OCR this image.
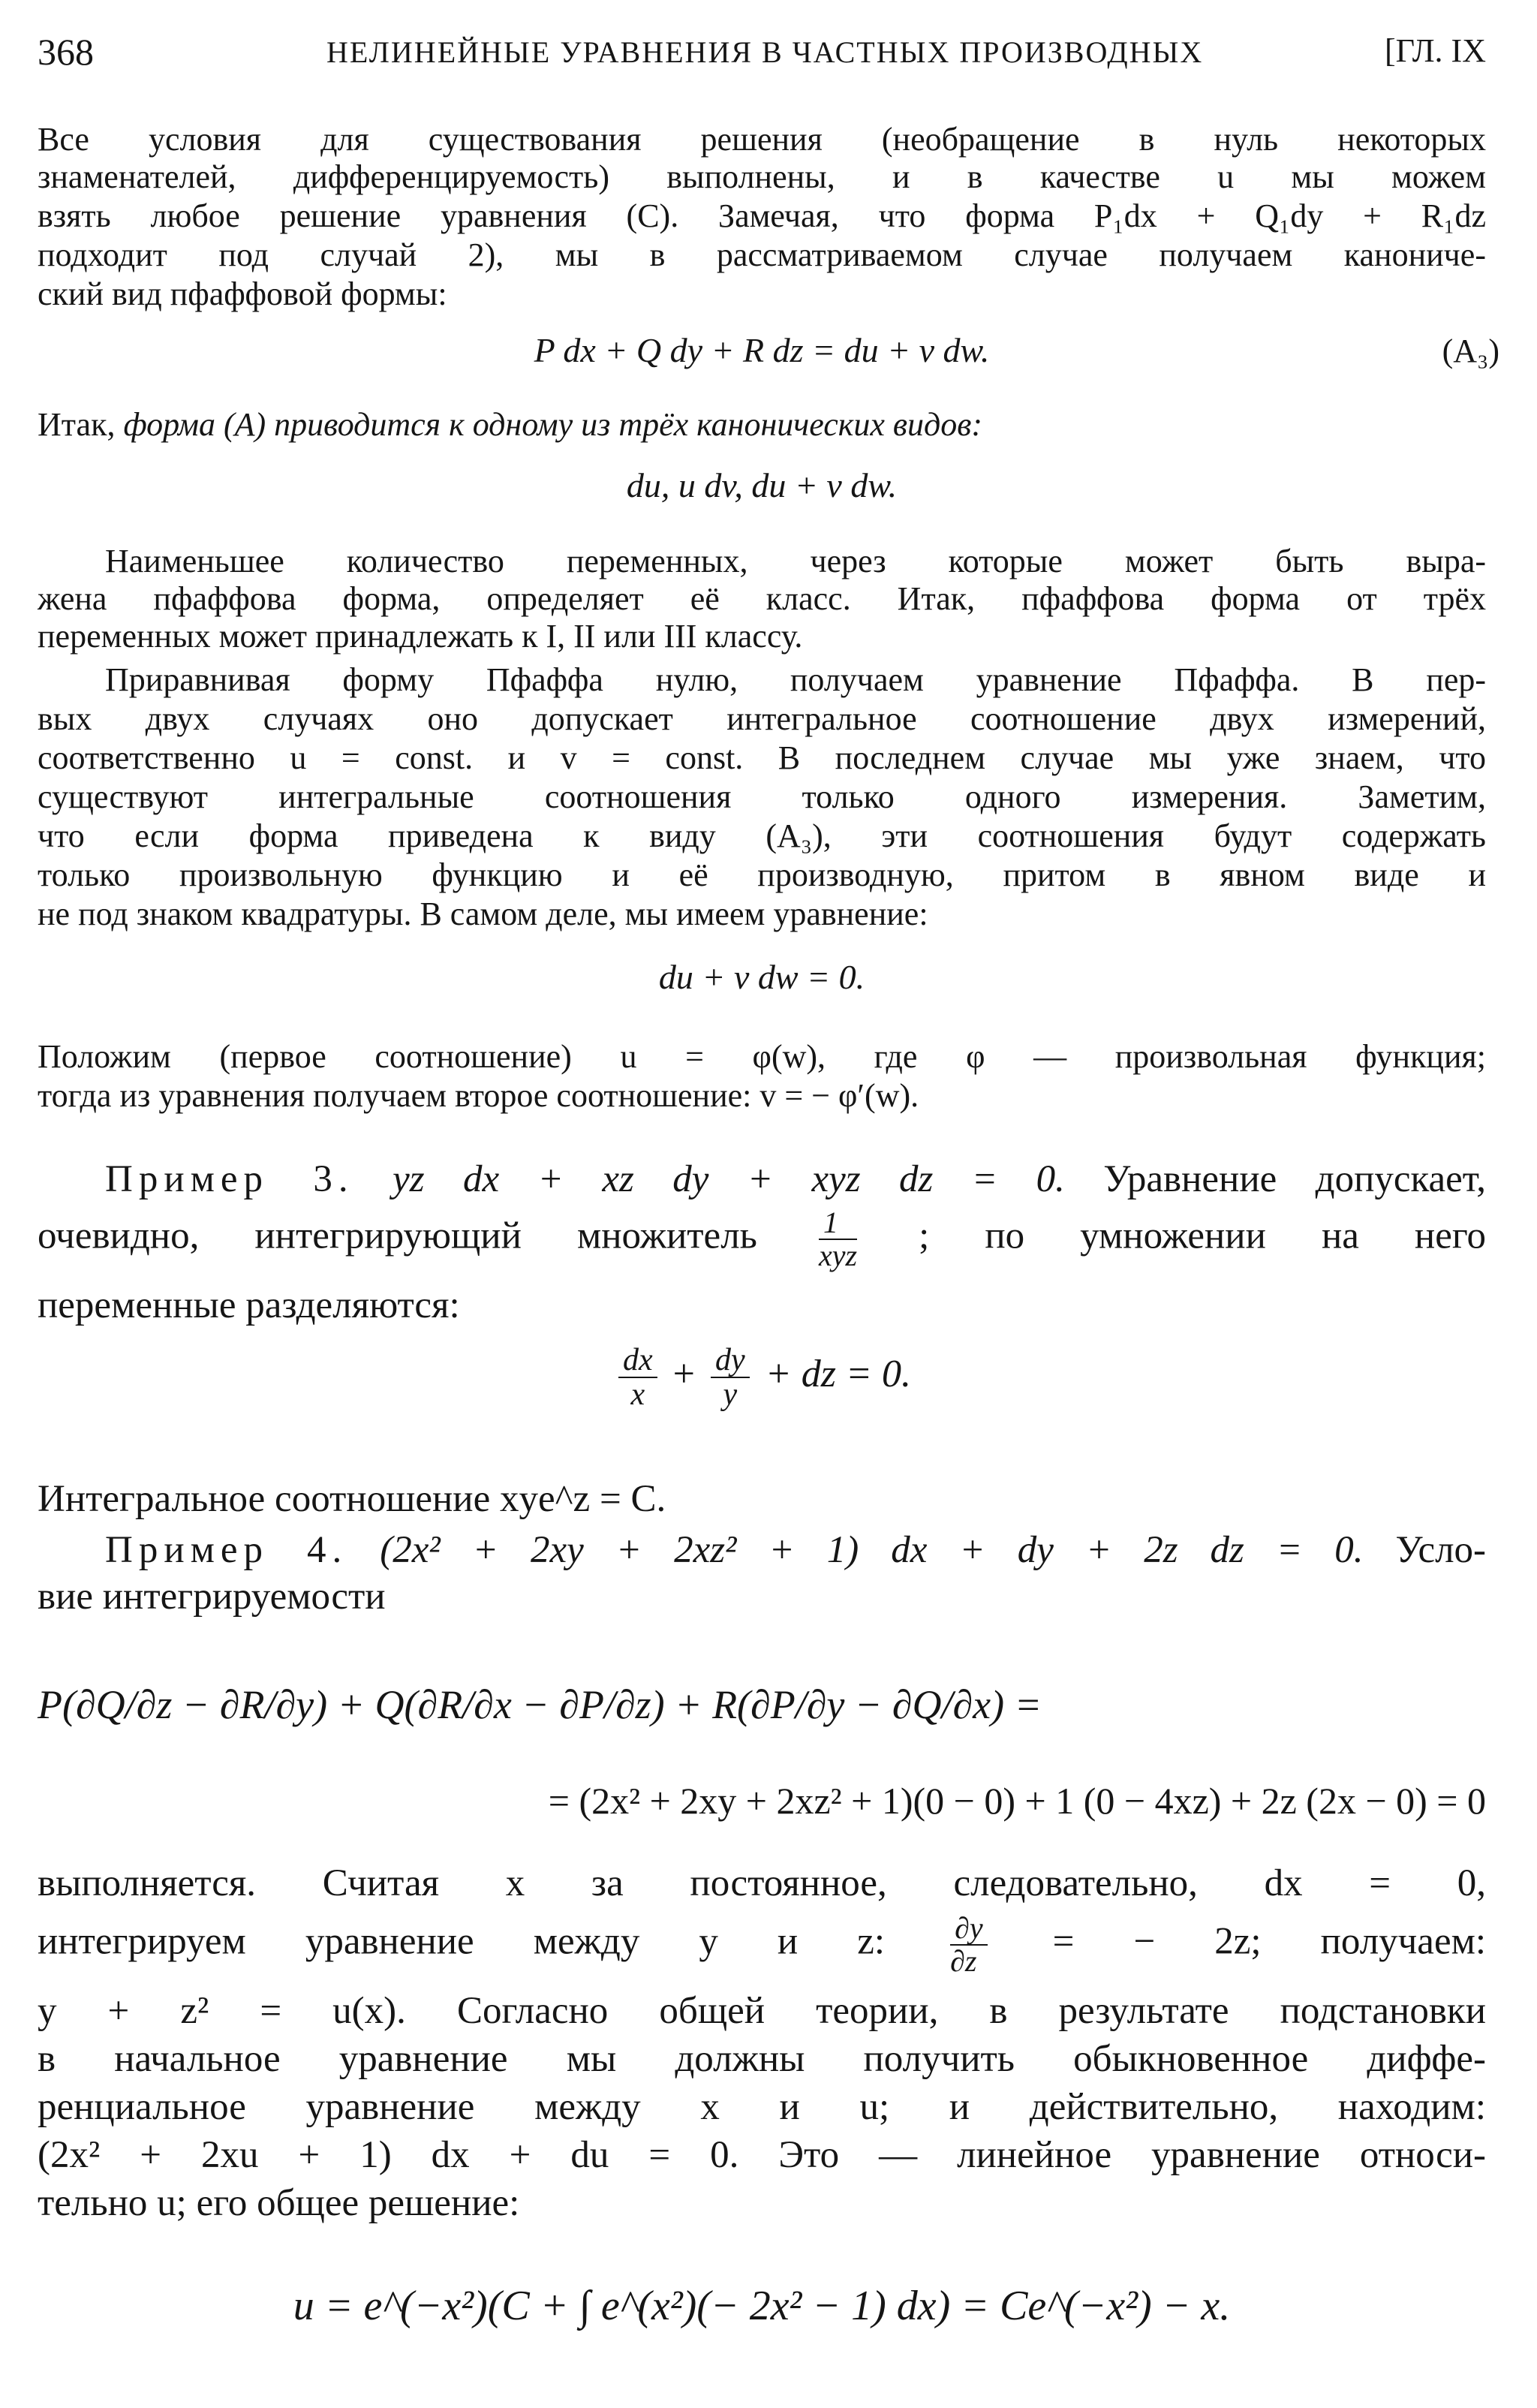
368	НЕЛИНЕЙНЫЕ УРАВНЕНИЯ В ЧАСТНЫХ ПРОИЗВОДНЫХ	[ГЛ. IX
Все условия для существования решения (необращение в нуль некоторых
знаменателей, дифференцируемость) выполнены, и в качестве u мы можем
взять любое решение уравнения (С). Замечая, что форма P₁dx + Q₁dy + R₁dz
подходит под случай 2), мы в рассматриваемом случае получаем канониче-
ский вид пфаффовой формы:
P dx + Q dy + R dz = du + v dw.	(A₃)
Итак, форма (А) приводится к одному из трёх канонических видов:
du, u dv, du + v dw.
Наименьшее количество переменных, через которые может быть выра-
жена пфаффова форма, определяет её класс. Итак, пфаффова форма от трёх
переменных может принадлежать к I, II или III классу.
Приравнивая форму Пфаффа нулю, получаем уравнение Пфаффа. В пер-
вых двух случаях оно допускает интегральное соотношение двух измерений,
соответственно u = const. и v = const. В последнем случае мы уже знаем, что
существуют интегральные соотношения только одного измерения. Заметим,
что если форма приведена к виду (A₃), эти соотношения будут содержать
только произвольную функцию и её производную, притом в явном виде и
не под знаком квадратуры. В самом деле, мы имеем уравнение:
du + v dw = 0.
Положим (первое соотношение) u = φ(w), где φ — произвольная функция;
тогда из уравнения получаем второе соотношение: v = − φ′(w).
Пример 3. yz dx + xz dy + xyz dz = 0. Уравнение допускает,
очевидно, интегрирующий множитель $\frac{1}{\text{xyz}}$ ; по умножении на него
переменные разделяются:
$\frac{dx}{x} + \frac{dy}{y}$ + dz = 0.
Интегральное соотношение xye^z = C.
Пример 4. (2x² + 2xy + 2xz² + 1) dx + dy + 2z dz = 0. Усло-
вие интегрируемости
P(∂Q/∂z − ∂R/∂y) + Q(∂R/∂x − ∂P/∂z) + R(∂P/∂y − ∂Q/∂x) =
= (2x² + 2xy + 2xz² + 1)(0 − 0) + 1 (0 − 4xz) + 2z (2x − 0) = 0
выполняется. Считая x за постоянное, следовательно, dx = 0,
интегрируем уравнение между y и z: $\frac{\partial y}{\partial z}$ = − 2z; получаем:
y + z² = u(x). Согласно общей теории, в результате подстановки
в начальное уравнение мы должны получить обыкновенное диффе-
ренциальное уравнение между x и u; и действительно, находим:
(2x² + 2xu + 1) dx + du = 0. Это — линейное уравнение относи-
тельно u; его общее решение:
u = e^(−x²)(C + ∫ e^(x²)(− 2x² − 1) dx) = Ce^(−x²) − x.
